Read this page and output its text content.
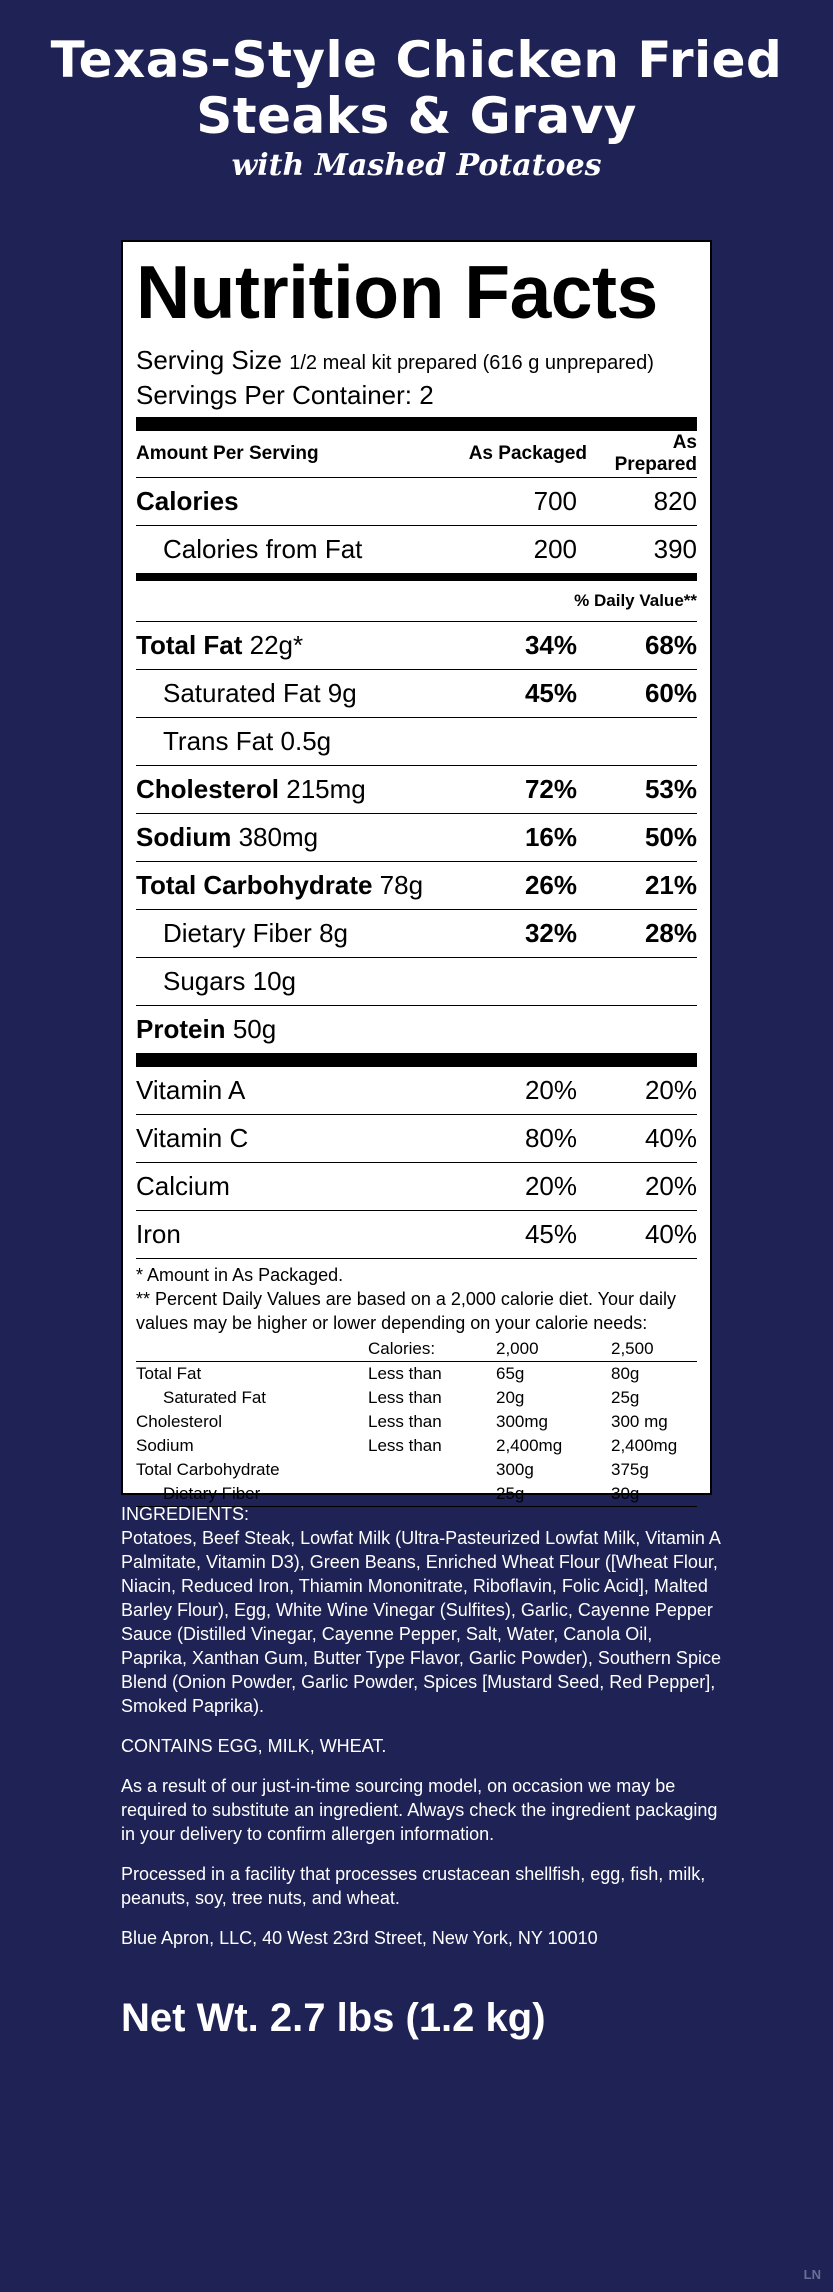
Texas-Style Chicken Fried
Steaks & Gravy
with Mashed Potatoes
Nutrition Facts
Serving Size 1/2 meal kit prepared (616 g unprepared)
Servings Per Container: 2
Amount Per Serving	As Packaged
As Prepared
Calories	700	820
Calories from Fat	200	390
% Daily Value**
Total Fat 22g*	34%	68%
Saturated Fat 9g	45%	60%
Trans Fat 0.5g
Cholesterol 215mg	72%	53%
Sodium 380mg	16%	50%
Total Carbohydrate 78g	26%	21%
Dietary Fiber 8g	32%	28%
Sugars 10g
Protein 50g
Vitamin A	20%	20%
Vitamin C	80%	40%
Calcium	20%	20%
Iron	45%	40%
* Amount in As Packaged.
** Percent Daily Values are based on a 2,000 calorie diet. Your daily values may be higher or lower depending on your calorie needs:
	Calories:	2,000	2,500
Total Fat	Less than	65g	80g
Saturated Fat	Less than	20g	25g
Cholesterol	Less than	300mg	300 mg
Sodium	Less than	2,400mg	2,400mg
Total Carbohydrate		300g	375g
Dietary Fiber		25g	30g

INGREDIENTS:
Potatoes, Beef Steak, Lowfat Milk (Ultra-Pasteurized Lowfat Milk, Vitamin A Palmitate, Vitamin D3), Green Beans, Enriched Wheat Flour ([Wheat Flour, Niacin, Reduced Iron, Thiamin Mononitrate, Riboflavin, Folic Acid], Malted Barley Flour), Egg, White Wine Vinegar (Sulfites), Garlic, Cayenne Pepper Sauce (Distilled Vinegar, Cayenne Pepper, Salt, Water, Canola Oil, Paprika, Xanthan Gum, Butter Type Flavor, Garlic Powder), Southern Spice Blend (Onion Powder, Garlic Powder, Spices [Mustard Seed, Red Pepper], Smoked Paprika).

CONTAINS EGG, MILK, WHEAT.

As a result of our just-in-time sourcing model, on occasion we may be required to substitute an ingredient. Always check the ingredient packaging in your delivery to confirm allergen information.

Processed in a facility that processes crustacean shellfish, egg, fish, milk, peanuts, soy, tree nuts, and wheat.

Blue Apron, LLC, 40 West 23rd Street, New York, NY 10010

Net Wt. 2.7 lbs (1.2 kg)
LN
